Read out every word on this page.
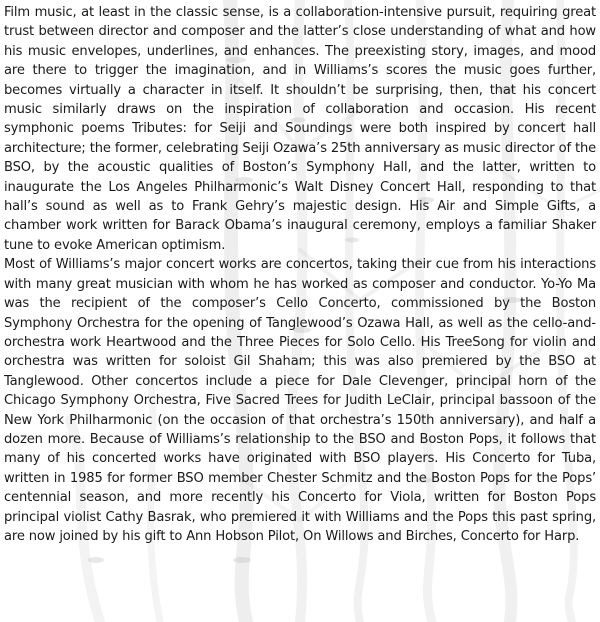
Film music, at least in the classic sense, is a collaboration-intensive pursuit, requiring great trust between director and composer and the latter’s close understanding of what and how his music envelopes, underlines, and enhances. The preexisting story, images, and mood are there to trigger the imagination, and in Williams’s scores the music goes further, becomes virtually a character in itself. It shouldn’t be surprising, then, that his concert music similarly draws on the inspiration of collaboration and occasion. His recent symphonic poems Tributes: for Seiji and Soundings were both inspired by concert hall architecture; the former, celebrating Seiji Ozawa’s 25th anniversary as music director of the BSO, by the acoustic qualities of Boston’s Symphony Hall, and the latter, written to inaugurate the Los Angeles Philharmonic’s Walt Disney Concert Hall, responding to that hall’s sound as well as to Frank Gehry’s majestic design. His Air and Simple Gifts, a chamber work written for Barack Obama’s inaugural ceremony, employs a familiar Shaker tune to evoke American optimism.

Most of Williams’s major concert works are concertos, taking their cue from his interactions with many great musician with whom he has worked as composer and conductor. Yo-Yo Ma was the recipient of the composer’s Cello Concerto, commissioned by the Boston Symphony Orchestra for the opening of Tanglewood’s Ozawa Hall, as well as the cello-and-orchestra work Heartwood and the Three Pieces for Solo Cello. His TreeSong for violin and orchestra was written for soloist Gil Shaham; this was also premiered by the BSO at Tanglewood. Other concertos include a piece for Dale Clevenger, principal horn of the Chicago Symphony Orchestra, Five Sacred Trees for Judith LeClair, principal bassoon of the New York Philharmonic (on the occasion of that orchestra’s 150th anniversary), and half a dozen more. Because of Williams’s relationship to the BSO and Boston Pops, it follows that many of his concerted works have originated with BSO players. His Concerto for Tuba, written in 1985 for former BSO member Chester Schmitz and the Boston Pops for the Pops’ centennial season, and more recently his Concerto for Viola, written for Boston Pops principal violist Cathy Basrak, who premiered it with Williams and the Pops this past spring, are now joined by his gift to Ann Hobson Pilot, On Willows and Birches, Concerto for Harp.
